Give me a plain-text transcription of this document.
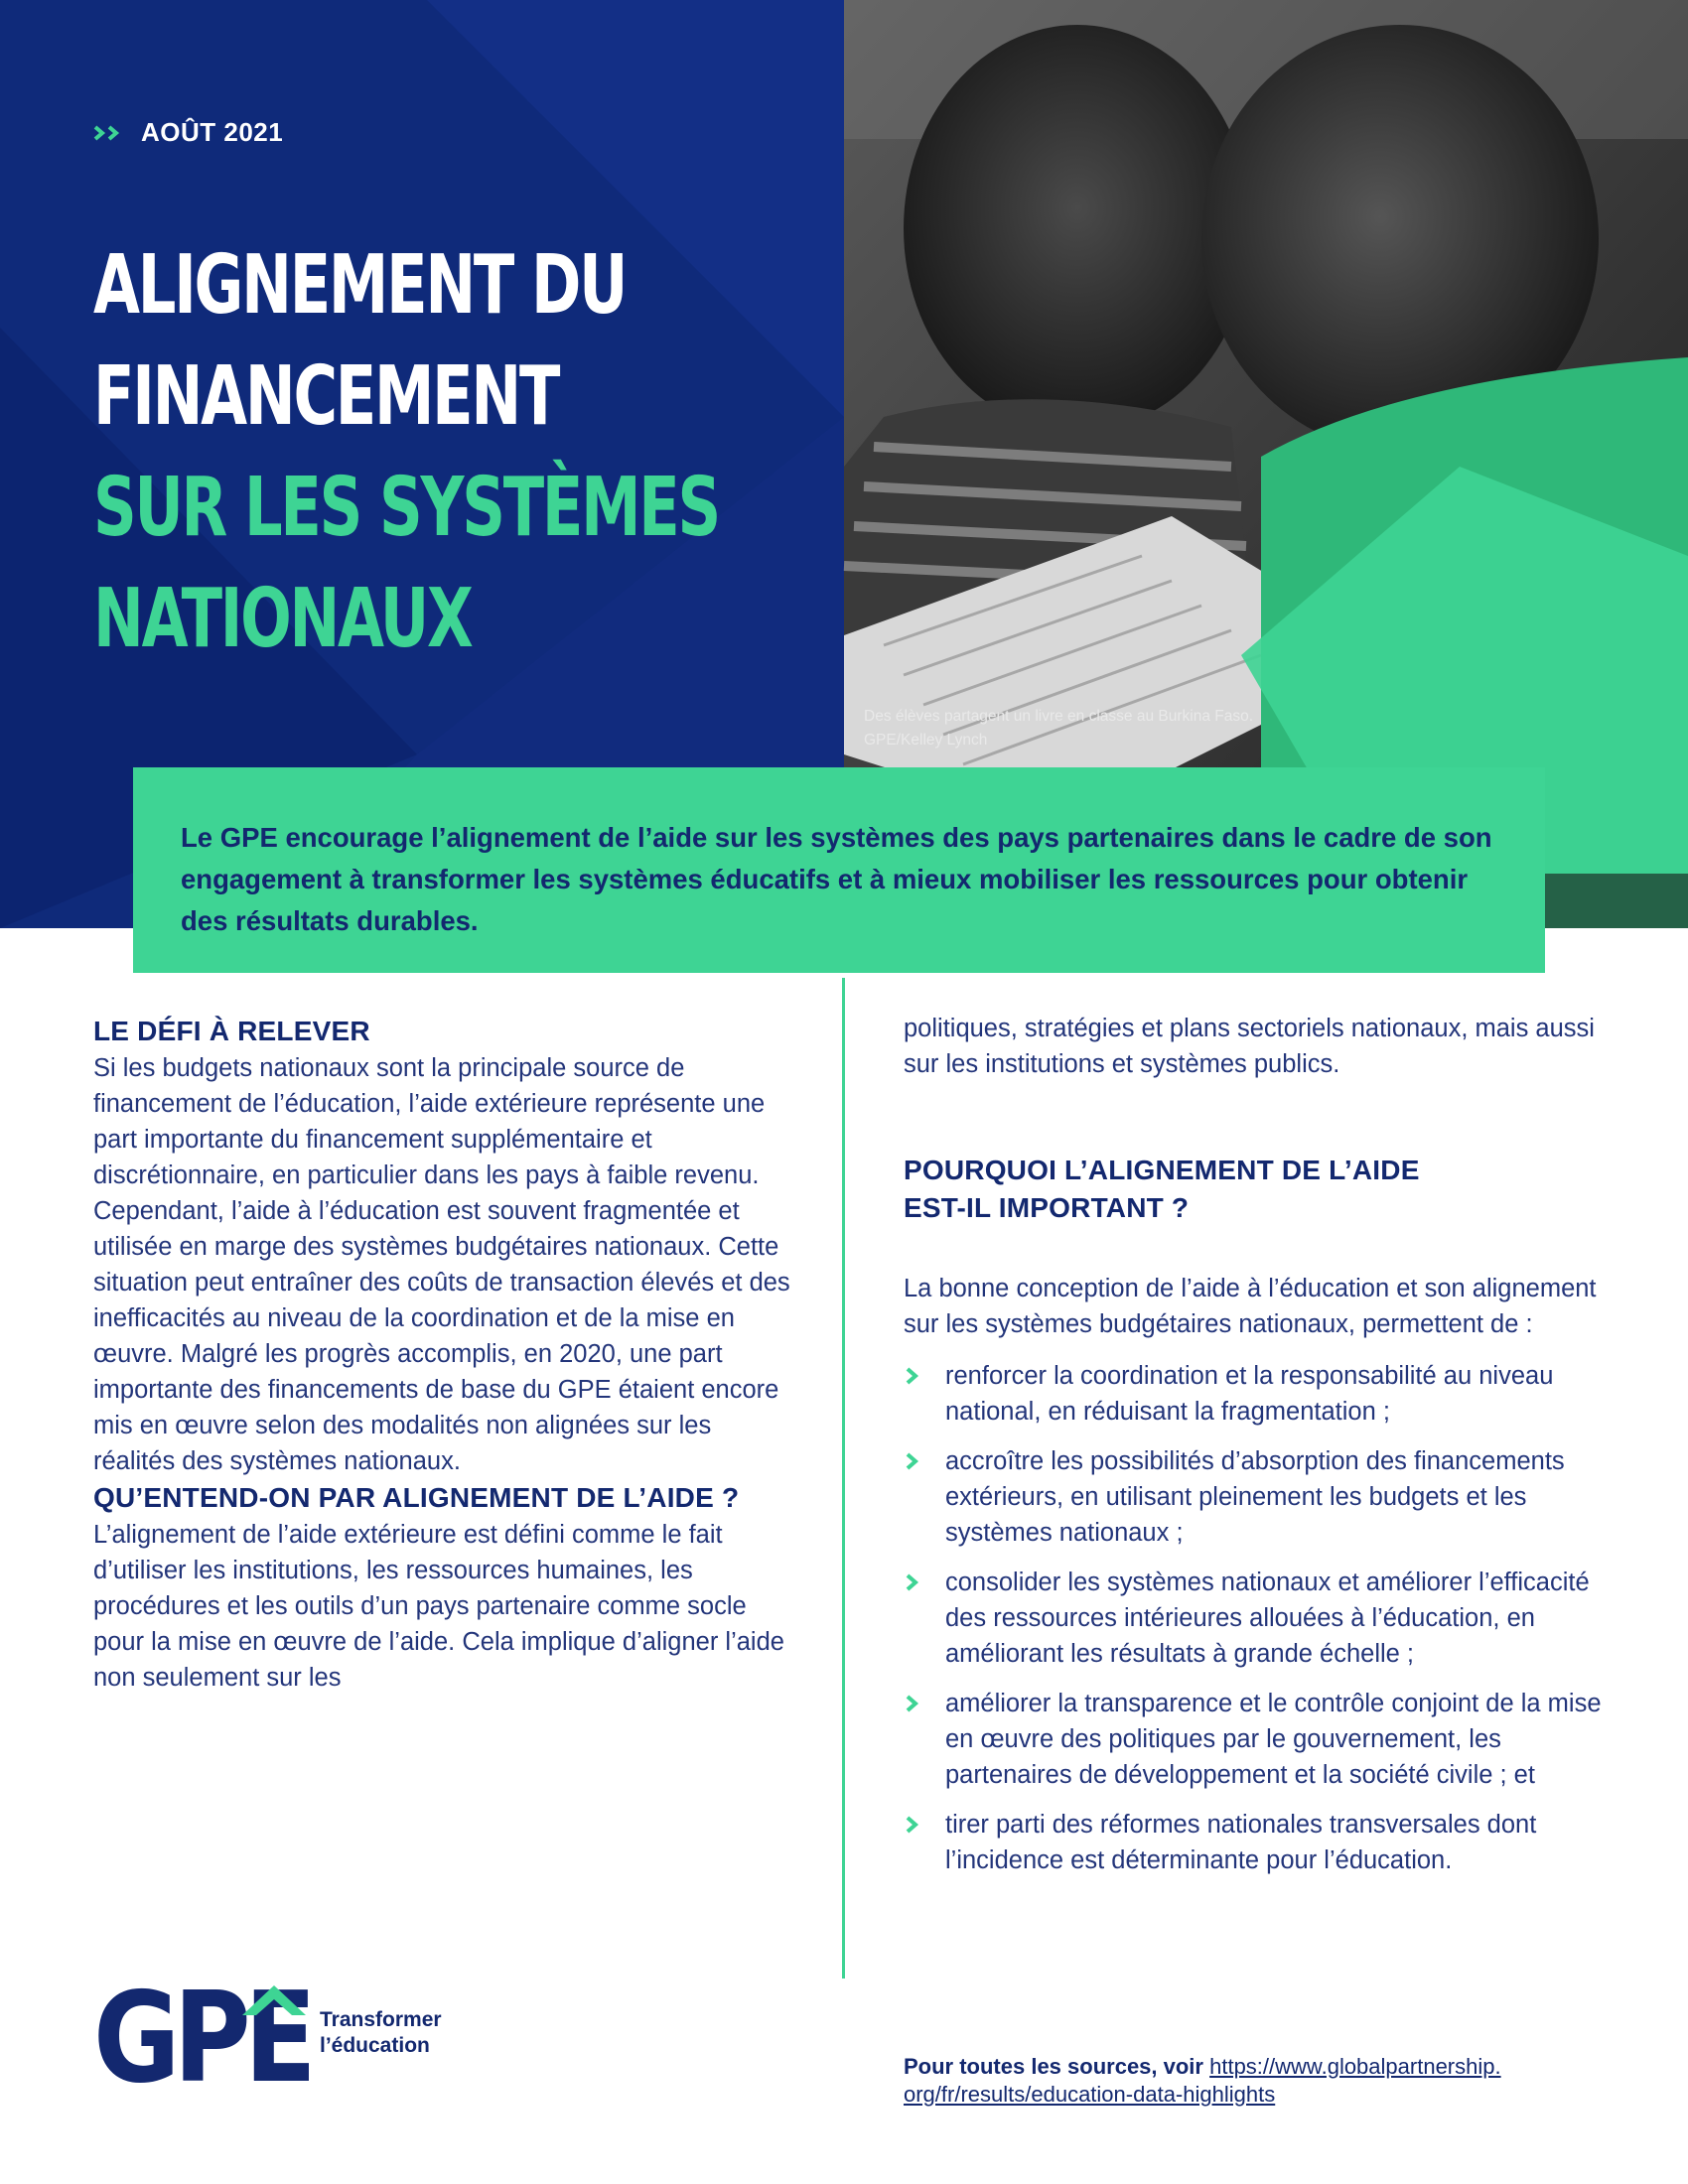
AOÛT 2021
ALIGNEMENT DU
FINANCEMENT
SUR LES SYSTÈMES
NATIONAUX
Des élèves partagent un livre en classe au Burkina Faso.
GPE/Kelley Lynch

Le GPE encourage l’alignement de l’aide sur les systèmes des pays partenaires dans le cadre de son engagement à transformer les systèmes éducatifs et à mieux mobiliser les ressources pour obtenir des résultats durables.

LE DÉFI À RELEVER

Si les budgets nationaux sont la principale source de financement de l’éducation, l’aide extérieure représente une part importante du financement supplémentaire et discrétionnaire, en particulier dans les pays à faible revenu. Cependant, l’aide à l’éducation est souvent fragmentée et utilisée en marge des systèmes budgétaires nationaux. Cette situation peut entraîner des coûts de transaction élevés et des inefficacités au niveau de la coordination et de la mise en œuvre. Malgré les progrès accomplis, en 2020, une part importante des financements de base du GPE étaient encore mis en œuvre selon des modalités non alignées sur les réalités des systèmes nationaux.

QU’ENTEND-ON PAR ALIGNEMENT DE L’AIDE ?

L’alignement de l’aide extérieure est défini comme le fait d’utiliser les institutions, les ressources humaines, les procédures et les outils d’un pays partenaire comme socle pour la mise en œuvre de l’aide. Cela implique d’aligner l’aide non seulement sur les

politiques, stratégies et plans sectoriels nationaux, mais aussi sur les institutions et systèmes publics.

POURQUOI L’ALIGNEMENT DE L’AIDE
EST-IL IMPORTANT ?

La bonne conception de l’aide à l’éducation et son alignement sur les systèmes budgétaires nationaux, permettent de :

renforcer la coordination et la responsabilité au niveau national, en réduisant la fragmentation ;
accroître les possibilités d’absorption des financements extérieurs, en utilisant pleinement les budgets et les systèmes nationaux ;
consolider les systèmes nationaux et améliorer l’efficacité des ressources intérieures allouées à l’éducation, en améliorant les résultats à grande échelle ;
améliorer la transparence et le contrôle conjoint de la mise en œuvre des politiques par le gouvernement, les partenaires de développement et la société civile ; et
tirer parti des réformes nationales transversales dont l’incidence est déterminante pour l’éducation.
GPE Transformer
l’éducation
Pour toutes les sources, voir https://www.globalpartnership.
org/fr/results/education-data-highlights
